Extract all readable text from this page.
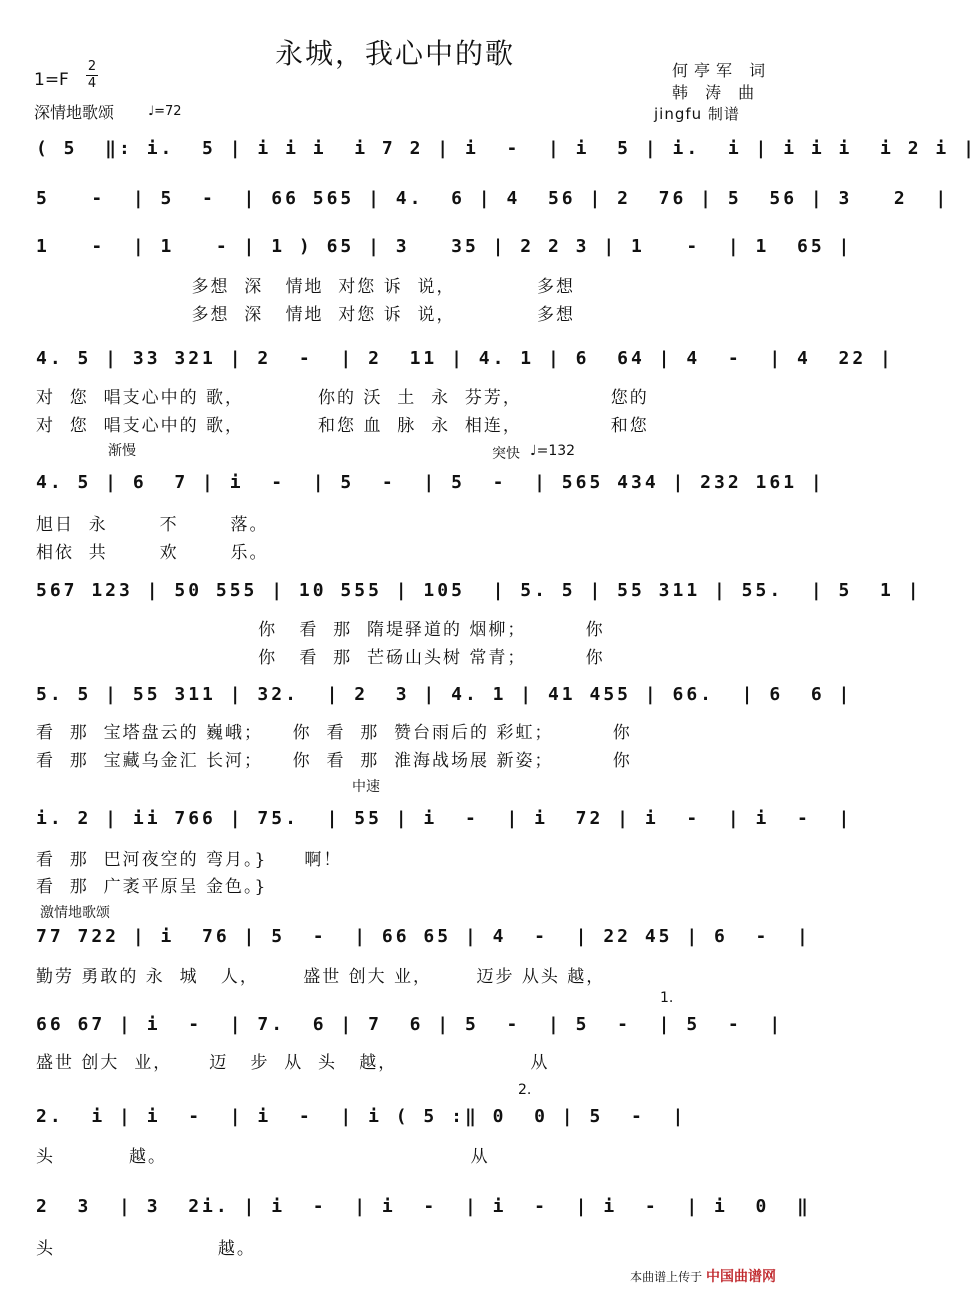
永城，我心中的歌
1=F
2
4
深情地歌颂	♩=72
何亭军 词
韩 涛 曲
jingfu 制谱
( 5  ‖: i.  5 | i i i  i 7 2 | i  -  | i  5 | i.  i | i i i  i 2 i |
5   -  | 5  -  | 66 565 | 4.  6 | 4  56 | 2  76 | 5  56 | 3   2  |
1   -  | 1   - | 1 ) 65 | 3   35 | 2 2 3 | 1   -  | 1  65 |
多想  深   情地  对您 诉  说，           多想
多想  深   情地  对您 诉  说，           多想
4. 5 | 33 321 | 2  -  | 2  11 | 4. 1 | 6  64 | 4  -  | 4  22 |
对  您  唱支心中的 歌，          你的 沃  土  永  芬芳，            您的
对  您  唱支心中的 歌，          和您 血  脉  永  相连，            和您
渐慢	突快 ♩=132
4. 5 | 6  7 | i  -  | 5  -  | 5  -  | 565 434 | 232 161 |
旭日  永       不       落。
相依  共       欢       乐。
567 123 | 50 555 | 10 555 | 105  | 5. 5 | 55 311 | 55.  | 5  1 |
你   看  那  隋堤驿道的 烟柳；        你
你   看  那  芒砀山头树 常青；        你
5. 5 | 55 311 | 32.  | 2  3 | 4. 1 | 41 455 | 66.  | 6  6 |
看  那  宝塔盘云的 巍峨；    你  看  那  赞台雨后的 彩虹；        你
看  那  宝藏乌金汇 长河；    你  看  那  淮海战场展 新姿；        你
中速
i. 2 | ii 766 | 75.  | 55 | i  -  | i  72 | i  -  | i  -  |
看  那  巴河夜空的 弯月。}     啊！
看  那  广袤平原呈 金色。}
激情地歌颂
77 722 | i  76 | 5  -  | 66 65 | 4  -  | 22 45 | 6  -  |
勤劳 勇敢的 永  城   人，      盛世 创大 业，      迈步 从头 越，
1.
66 67 | i  -  | 7.  6 | 7  6 | 5  -  | 5  -  | 5  -  |
盛世 创大  业，     迈   步  从  头   越，                  从
2.
2.  i | i  -  | i  -  | i ( 5 :‖ 0  0 | 5  -  |
头          越。                                         从
2  3  | 3  2i. | i  -  | i  -  | i  -  | i  -  | i  0  ‖
头                      越。
本曲谱上传于 中国曲谱网
